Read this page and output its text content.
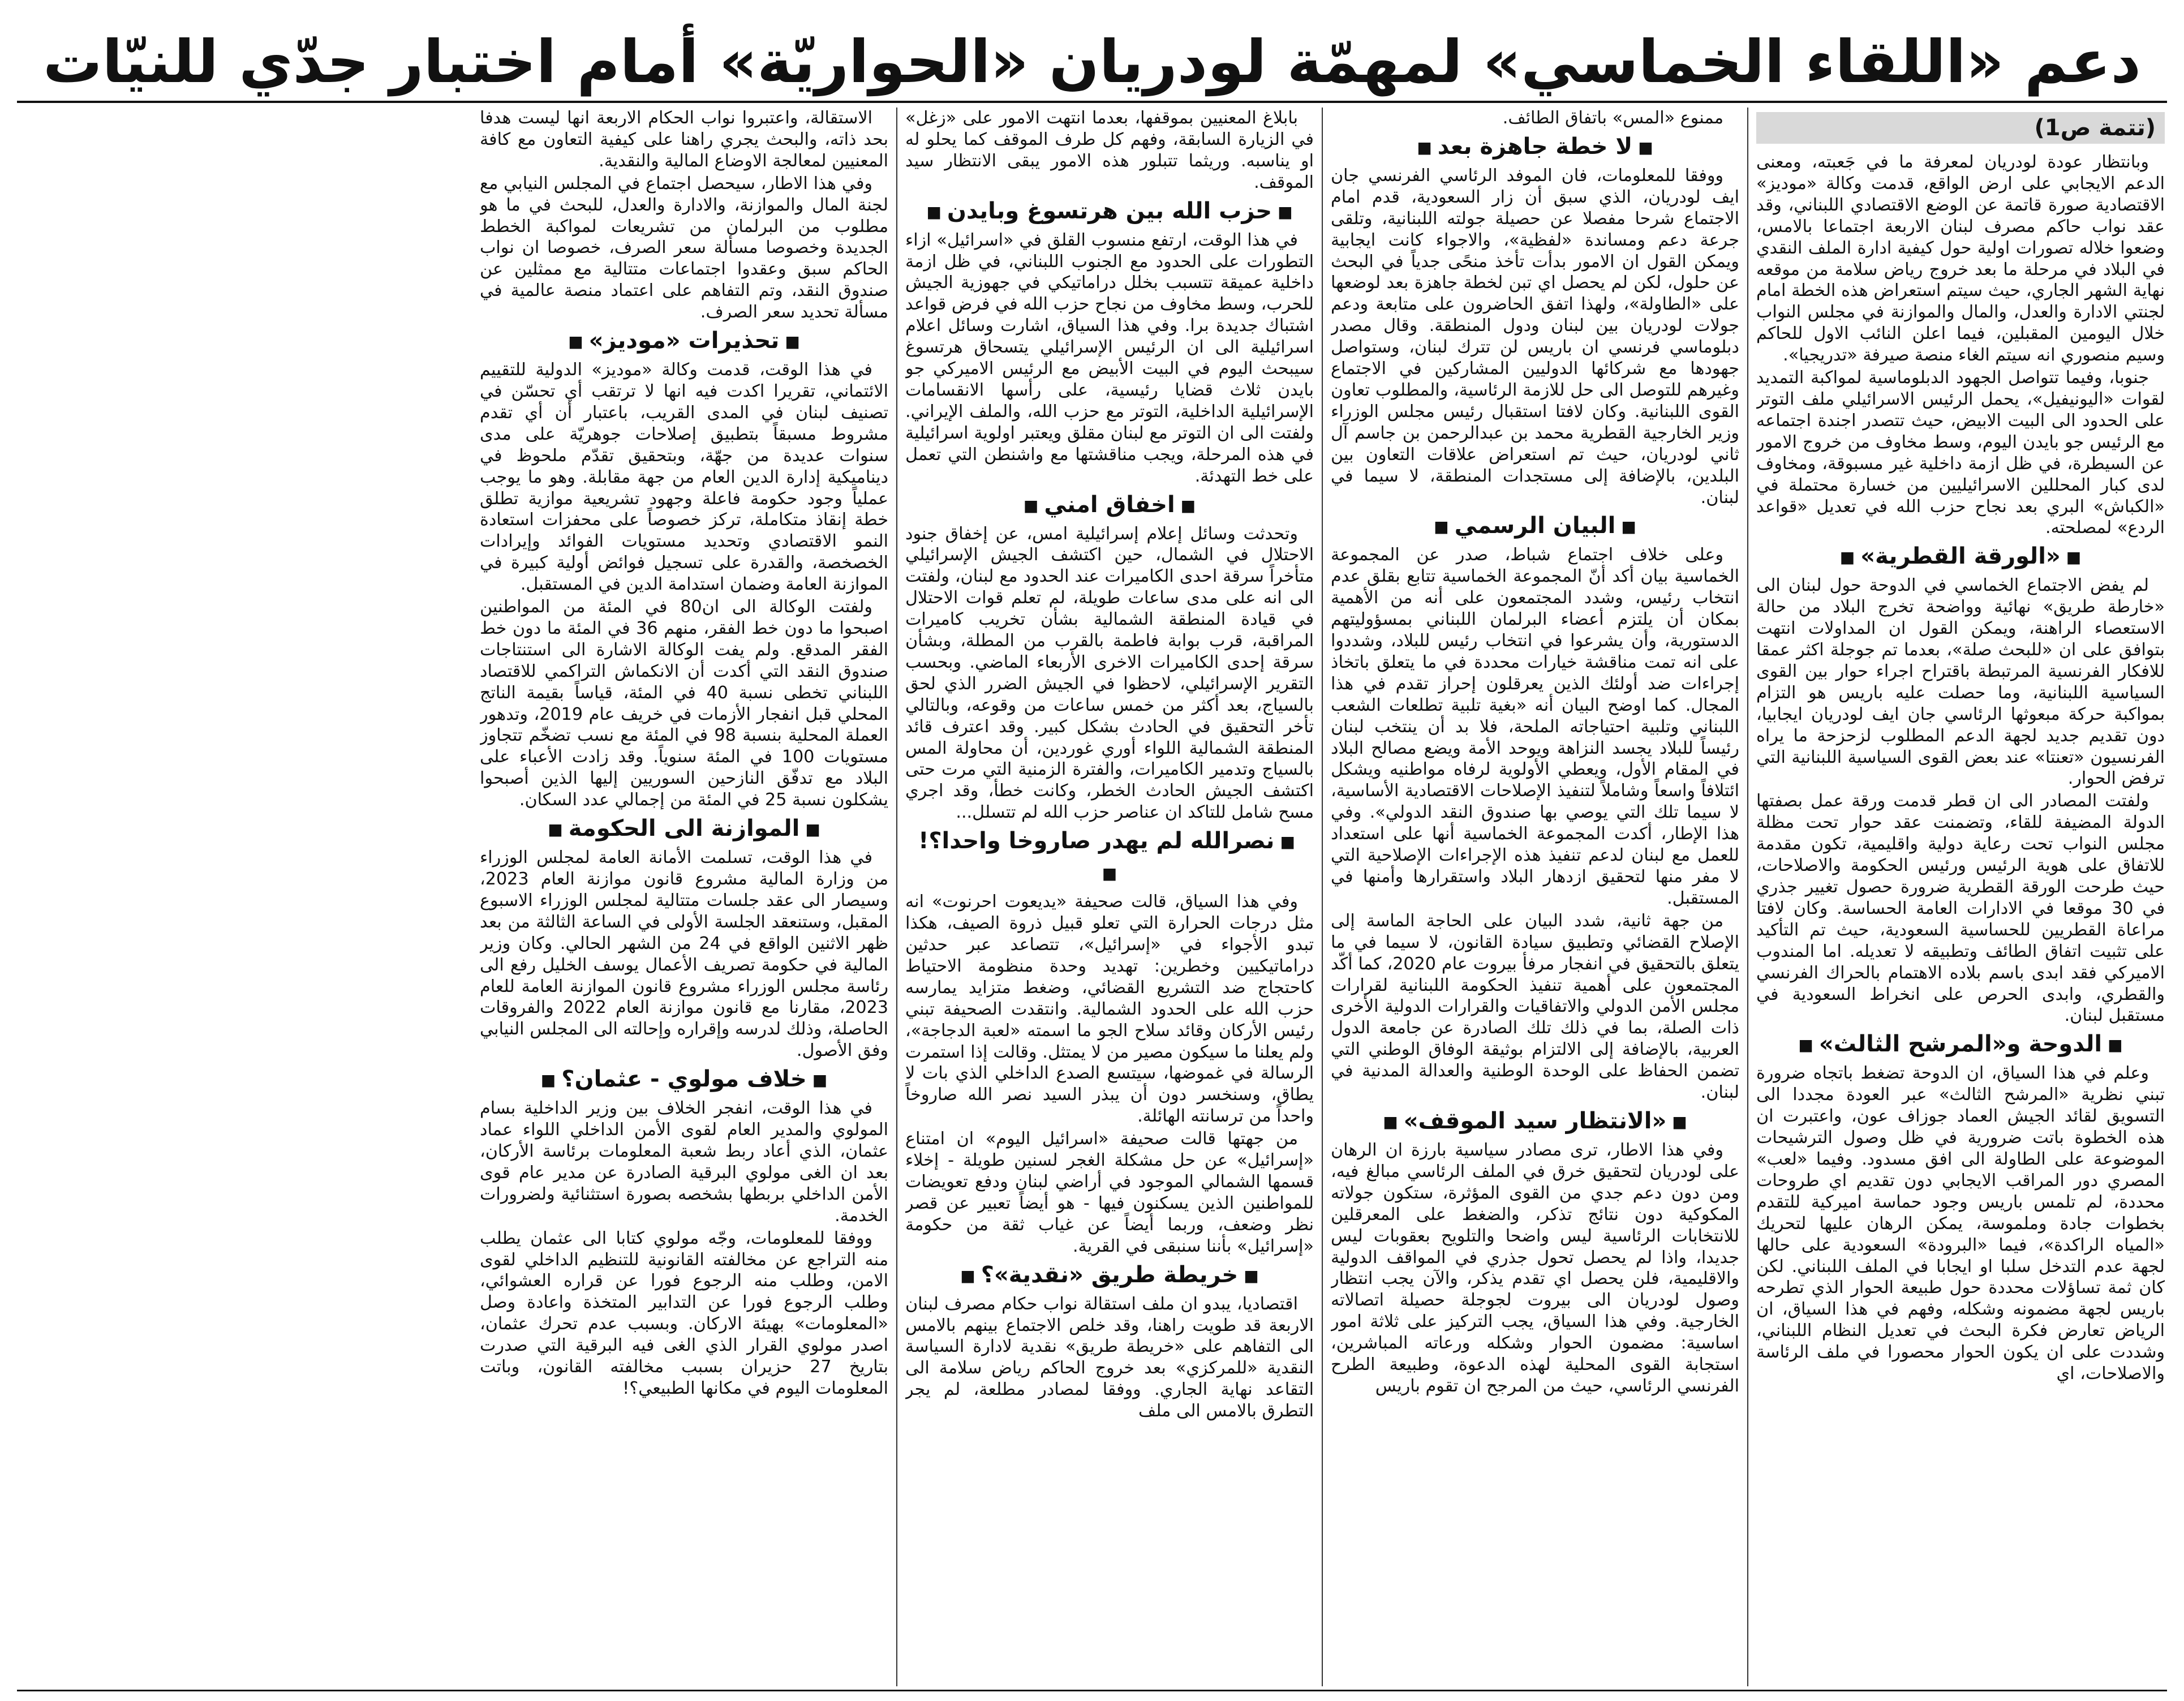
دعم «اللقاء الخماسي» لمهمّة لودريان «الحواريّة» أمام اختبار جدّي للنيّات
(تتمة ص1)

وبانتظار عودة لودريان لمعرفة ما في جَعبته، ومعنى الدعم الايجابي على ارض الواقع، قدمت وكالة «موديز» الاقتصادية صورة قاتمة عن الوضع الاقتصادي اللبناني، وقد عقد نواب حاكم مصرف لبنان الاربعة اجتماعا بالامس، وضعوا خلاله تصورات اولية حول كيفية ادارة الملف النقدي في البلاد في مرحلة ما بعد خروج رياض سلامة من موقعه نهاية الشهر الجاري، حيث سيتم استعراض هذه الخطة امام لجنتي الادارة والعدل، والمال والموازنة في مجلس النواب خلال اليومين المقبلين، فيما اعلن النائب الاول للحاكم وسيم منصوري انه سيتم الغاء منصة صيرفة «تدريجيا».

جنوبا، وفيما تتواصل الجهود الدبلوماسية لمواكبة التمديد لقوات «اليونيفيل»، يحمل الرئيس الاسرائيلي ملف التوتر على الحدود الى البيت الابيض، حيث تتصدر اجندة اجتماعه مع الرئيس جو بايدن اليوم، وسط مخاوف من خروج الامور عن السيطرة، في ظل ازمة داخلية غير مسبوقة، ومخاوف لدى كبار المحللين الاسرائيليين من خسارة محتملة في «الكباش» البري بعد نجاح حزب الله في تعديل «قواعد الردع» لمصلحته.

■«الورقة القطرية»■

لم يفض الاجتماع الخماسي في الدوحة حول لبنان الى «خارطة طريق» نهائية وواضحة تخرج البلاد من حالة الاستعصاء الراهنة، ويمكن القول ان المداولات انتهت بتوافق على ان «للبحث صلة»، بعدما تم جوجلة اكثر عمقا للافكار الفرنسية المرتبطة باقتراح اجراء حوار بين القوى السياسية اللبنانية، وما حصلت عليه باريس هو التزام بمواكبة حركة مبعوثها الرئاسي جان ايف لودريان ايجابيا، دون تقديم جديد لجهة الدعم المطلوب لزحزحة ما يراه الفرنسيون «تعنتا» عند بعض القوى السياسية اللبنانية التي ترفض الحوار.

ولفتت المصادر الى ان قطر قدمت ورقة عمل بصفتها الدولة المضيفة للقاء، وتضمنت عقد حوار تحت مظلة مجلس النواب تحت رعاية دولية واقليمية، تكون مقدمة للاتفاق على هوية الرئيس ورئيس الحكومة والاصلاحات، حيث طرحت الورقة القطرية ضرورة حصول تغيير جذري في 30 موقعا في الادارات العامة الحساسة. وكان لافتا مراعاة القطريين للحساسية السعودية، حيث تم التأكيد على تثبيت اتفاق الطائف وتطبيقه لا تعديله. اما المندوب الاميركي فقد ابدى باسم بلاده الاهتمام بالحراك الفرنسي والقطري، وابدى الحرص على انخراط السعودية في مستقبل لبنان.

■الدوحة و«المرشح الثالث»■

وعلم في هذا السياق، ان الدوحة تضغط باتجاه ضرورة تبني نظرية «المرشح الثالث» عبر العودة مجددا الى التسويق لقائد الجيش العماد جوزاف عون، واعتبرت ان هذه الخطوة باتت ضرورية في ظل وصول الترشيحات الموضوعة على الطاولة الى افق مسدود. وفيما «لعب» المصري دور المراقب الايجابي دون تقديم اي طروحات محددة، لم تلمس باريس وجود حماسة اميركية للتقدم بخطوات جادة وملموسة، يمكن الرهان عليها لتحريك «المياه الراكدة»، فيما «البرودة» السعودية على حالها لجهة عدم التدخل سلبا او ايجابا في الملف اللبناني. لكن كان ثمة تساؤلات محددة حول طبيعة الحوار الذي تطرحه باريس لجهة مضمونه وشكله، وفهم في هذا السياق، ان الرياض تعارض فكرة البحث في تعديل النظام اللبناني، وشددت على ان يكون الحوار محصورا في ملف الرئاسة والاصلاحات، اي

ممنوع «المس» باتفاق الطائف.

■لا خطة جاهزة بعد■

ووفقا للمعلومات، فان الموفد الرئاسي الفرنسي جان ايف لودريان، الذي سبق أن زار السعودية، قدم امام الاجتماع شرحا مفصلا عن حصيلة جولته اللبنانية، وتلقى جرعة دعم ومساندة «لفظية»، والاجواء كانت ايجابية ويمكن القول ان الامور بدأت تأخذ منحًى جدياً في البحث عن حلول، لكن لم يحصل اي تبن لخطة جاهزة بعد لوضعها على «الطاولة»، ولهذا اتفق الحاضرون على متابعة ودعم جولات لودريان بين لبنان ودول المنطقة. وقال مصدر دبلوماسي فرنسي ان باريس لن تترك لبنان، وستواصل جهودها مع شركائها الدوليين المشاركين في الاجتماع وغيرهم للتوصل الى حل للازمة الرئاسية، والمطلوب تعاون القوى اللبنانية. وكان لافتا استقبال رئيس مجلس الوزراء وزير الخارجية القطرية محمد بن عبدالرحمن بن جاسم آل ثاني لودريان، حيث تم استعراض علاقات التعاون بين البلدين، بالإضافة إلى مستجدات المنطقة، لا سيما في لبنان.

■البيان الرسمي■

وعلى خلاف اجتماع شباط، صدر عن المجموعة الخماسية بيان أكد أنّ المجموعة الخماسية تتابع بقلق عدم انتخاب رئيس، وشدد المجتمعون على أنه من الأهمية بمكان أن يلتزم أعضاء البرلمان اللبناني بمسؤوليتهم الدستورية، وأن يشرعوا في انتخاب رئيس للبلاد، وشددوا على انه تمت مناقشة خيارات محددة في ما يتعلق باتخاذ إجراءات ضد أولئك الذين يعرقلون إحراز تقدم في هذا المجال. كما اوضح البيان أنه «بغية تلبية تطلعات الشعب اللبناني وتلبية احتياجاته الملحة، فلا بد أن ينتخب لبنان رئيساً للبلاد يجسد النزاهة ويوحد الأمة ويضع مصالح البلاد في المقام الأول، ويعطي الأولوية لرفاه مواطنيه ويشكل ائتلافاً واسعاً وشاملاً لتنفيذ الإصلاحات الاقتصادية الأساسية، لا سيما تلك التي يوصي بها صندوق النقد الدولي». وفي هذا الإطار، أكدت المجموعة الخماسية أنها على استعداد للعمل مع لبنان لدعم تنفيذ هذه الإجراءات الإصلاحية التي لا مفر منها لتحقيق ازدهار البلاد واستقرارها وأمنها في المستقبل.

من جهة ثانية، شدد البيان على الحاجة الماسة إلى الإصلاح القضائي وتطبيق سيادة القانون، لا سيما في ما يتعلق بالتحقيق في انفجار مرفأ بيروت عام 2020، كما أكّد المجتمعون على أهمية تنفيذ الحكومة اللبنانية لقرارات مجلس الأمن الدولي والاتفاقيات والقرارات الدولية الأخرى ذات الصلة، بما في ذلك تلك الصادرة عن جامعة الدول العربية، بالإضافة إلى الالتزام بوثيقة الوفاق الوطني التي تضمن الحفاظ على الوحدة الوطنية والعدالة المدنية في لبنان.

■«الانتظار سيد الموقف»■

وفي هذا الاطار، ترى مصادر سياسية بارزة ان الرهان على لودريان لتحقيق خرق في الملف الرئاسي مبالغ فيه، ومن دون دعم جدي من القوى المؤثرة، ستكون جولاته المكوكية دون نتائج تذكر، والضغط على المعرقلين للانتخابات الرئاسية ليس واضحا والتلويح بعقوبات ليس جديدا، واذا لم يحصل تحول جذري في المواقف الدولية والاقليمية، فلن يحصل اي تقدم يذكر، والآن يجب انتظار وصول لودريان الى بيروت لجوجلة حصيلة اتصالاته الخارجية. وفي هذا السياق، يجب التركيز على ثلاثة امور اساسية: مضمون الحوار وشكله ورعاته المباشرين، استجابة القوى المحلية لهذه الدعوة، وطبيعة الطرح الفرنسي الرئاسي، حيث من المرجح ان تقوم باريس

بابلاغ المعنيين بموقفها، بعدما انتهت الامور على «زغل» في الزيارة السابقة، وفهم كل طرف الموقف كما يحلو له او يناسبه. وريثما تتبلور هذه الامور يبقى الانتظار سيد الموقف.

■حزب الله بين هرتسوغ وبايدن■

في هذا الوقت، ارتفع منسوب القلق في «اسرائيل» ازاء التطورات على الحدود مع الجنوب اللبناني، في ظل ازمة داخلية عميقة تتسبب بخلل دراماتيكي في جهوزية الجيش للحرب، وسط مخاوف من نجاح حزب الله في فرض قواعد اشتباك جديدة برا. وفي هذا السياق، اشارت وسائل اعلام اسرائيلية الى ان الرئيس الإسرائيلي يتسحاق هرتسوغ سيبحث اليوم في البيت الأبيض مع الرئيس الاميركي جو بايدن ثلاث قضايا رئيسية، على رأسها الانقسامات الإسرائيلية الداخلية، التوتر مع حزب الله، والملف الإيراني. ولفتت الى ان التوتر مع لبنان مقلق ويعتبر اولوية اسرائيلية في هذه المرحلة، ويجب مناقشتها مع واشنطن التي تعمل على خط التهدئة.

■اخفاق امني■

وتحدثت وسائل إعلام إسرائيلية امس، عن إخفاق جنود الاحتلال في الشمال، حين اكتشف الجيش الإسرائيلي متأخراً سرقة احدى الكاميرات عند الحدود مع لبنان، ولفتت الى انه على مدى ساعات طويلة، لم تعلم قوات الاحتلال في قيادة المنطقة الشمالية بشأن تخريب كاميرات المراقبة، قرب بوابة فاطمة بالقرب من المطلة، وبشأن سرقة إحدى الكاميرات الاخرى الأربعاء الماضي. وبحسب التقرير الإسرائيلي، لاحظوا في الجيش الضرر الذي لحق بالسياج، بعد أكثر من خمس ساعات من وقوعه، وبالتالي تأخر التحقيق في الحادث بشكل كبير. وقد اعترف قائد المنطقة الشمالية اللواء أوري غوردين، أن محاولة المس بالسياج وتدمير الكاميرات، والفترة الزمنية التي مرت حتى اكتشف الجيش الحادث الخطر، وكانت خطأ، وقد اجري مسح شامل للتاكد ان عناصر حزب الله لم تتسلل...

■نصرالله لم يهدر صاروخا واحدا؟!■

وفي هذا السياق، قالت صحيفة «يديعوت احرنوت» انه مثل درجات الحرارة التي تعلو قبيل ذروة الصيف، هكذا تبدو الأجواء في «إسرائيل»، تتصاعد عبر حدثين دراماتيكيين وخطرين: تهديد وحدة منظومة الاحتياط كاحتجاج ضد التشريع القضائي، وضغط متزايد يمارسه حزب الله على الحدود الشمالية. وانتقدت الصحيفة تبني رئيس الأركان وقائد سلاح الجو ما اسمته «لعبة الدجاجة»، ولم يعلنا ما سيكون مصير من لا يمتثل. وقالت إذا استمرت الرسالة في غموضها، سيتسع الصدع الداخلي الذي بات لا يطاق، وسنخسر دون أن يبذر السيد نصر الله صاروخاً واحداً من ترسانته الهائلة.

من جهتها قالت صحيفة «اسرائيل اليوم» ان امتناع «إسرائيل» عن حل مشكلة الغجر لسنين طويلة - إخلاء قسمها الشمالي الموجود في أراضي لبنان ودفع تعويضات للمواطنين الذين يسكنون فيها - هو أيضاً تعبير عن قصر نظر وضعف، وربما أيضاً عن غياب ثقة من حكومة «إسرائيل» بأننا سنبقى في القرية.

■خريطة طريق «نقدية»؟■

اقتصاديا، يبدو ان ملف استقالة نواب حكام مصرف لبنان الاربعة قد طويت راهنا، وقد خلص الاجتماع بينهم بالامس الى التفاهم على «خريطة طريق» نقدية لادارة السياسة النقدية «للمركزي» بعد خروج الحاكم رياض سلامة الى التقاعد نهاية الجاري. ووفقا لمصادر مطلعة، لم يجر التطرق بالامس الى ملف

الاستقالة، واعتبروا نواب الحكام الاربعة انها ليست هدفا بحد ذاته، والبحث يجري راهنا على كيفية التعاون مع كافة المعنيين لمعالجة الاوضاع المالية والنقدية.

وفي هذا الاطار، سيحصل اجتماع في المجلس النيابي مع لجنة المال والموازنة، والادارة والعدل، للبحث في ما هو مطلوب من البرلمان من تشريعات لمواكبة الخطط الجديدة وخصوصا مسألة سعر الصرف، خصوصا ان نواب الحاكم سبق وعقدوا اجتماعات متتالية مع ممثلين عن صندوق النقد، وتم التفاهم على اعتماد منصة عالمية في مسألة تحديد سعر الصرف.

■تحذيرات «موديز»■

في هذا الوقت، قدمت وكالة «موديز» الدولية للتقييم الائتماني، تقريرا اكدت فيه انها لا ترتقب أي تحسّن في تصنيف لبنان في المدى القريب، باعتبار أن أي تقدم مشروط مسبقاً بتطبيق إصلاحات جوهريّة على مدى سنوات عديدة من جهّة، وبتحقيق تقدّم ملحوظ في ديناميكية إدارة الدين العام من جهة مقابلة. وهو ما يوجب عملياً وجود حكومة فاعلة وجهود تشريعية موازية تطلق خطة إنقاذ متكاملة، تركز خصوصاً على محفزات استعادة النمو الاقتصادي وتحديد مستويات الفوائد وإيرادات الخصخصة، والقدرة على تسجيل فوائض أولية كبيرة في الموازنة العامة وضمان استدامة الدين في المستقبل.

ولفتت الوكالة الى ان80 في المئة من المواطنين اصبحوا ما دون خط الفقر، منهم 36 في المئة ما دون خط الفقر المدقع. ولم يفت الوكالة الاشارة الى استنتاجات صندوق النقد التي أكدت أن الانكماش التراكمي للاقتصاد اللبناني تخطى نسبة 40 في المئة، قياساً بقيمة الناتج المحلي قبل انفجار الأزمات في خريف عام 2019، وتدهور العملة المحلية بنسبة 98 في المئة مع نسب تضخّم تتجاوز مستويات 100 في المئة سنوياً. وقد زادت الأعباء على البلاد مع تدفّق النازحين السوريين إليها الذين أصبحوا يشكلون نسبة 25 في المئة من إجمالي عدد السكان.

■الموازنة الى الحكومة■

في هذا الوقت، تسلمت الأمانة العامة لمجلس الوزراء من وزارة المالية مشروع قانون موازنة العام 2023، وسيصار الى عقد جلسات متتالية لمجلس الوزراء الاسبوع المقبل، وستنعقد الجلسة الأولى في الساعة الثالثة من بعد ظهر الاثنين الواقع في 24 من الشهر الحالي. وكان وزير المالية في حكومة تصريف الأعمال يوسف الخليل رفع الى رئاسة مجلس الوزراء مشروع قانون الموازنة العامة للعام 2023، مقارنا مع قانون موازنة العام 2022 والفروقات الحاصلة، وذلك لدرسه وإقراره وإحالته الى المجلس النيابي وفق الأصول.

■خلاف مولوي - عثمان؟■

في هذا الوقت، انفجر الخلاف بين وزير الداخلية بسام المولوي والمدير العام لقوى الأمن الداخلي اللواء عماد عثمان، الذي أعاد ربط شعبة المعلومات برئاسة الأركان، بعد ان الغى مولوي البرقية الصادرة عن مدير عام قوى الأمن الداخلي بربطها بشخصه بصورة استثنائية ولضرورات الخدمة.

ووفقا للمعلومات، وجّه مولوي كتابا الى عثمان يطلب منه التراجع عن مخالفته القانونية للتنظيم الداخلي لقوى الامن، وطلب منه الرجوع فورا عن قراره العشوائي، وطلب الرجوع فورا عن التدابير المتخذة واعادة وصل «المعلومات» بهيئة الاركان. وبسبب عدم تحرك عثمان، اصدر مولوي القرار الذي الغى فيه البرقية التي صدرت بتاريخ 27 حزيران بسبب مخالفته القانون، وباتت المعلومات اليوم في مكانها الطبيعي؟!
